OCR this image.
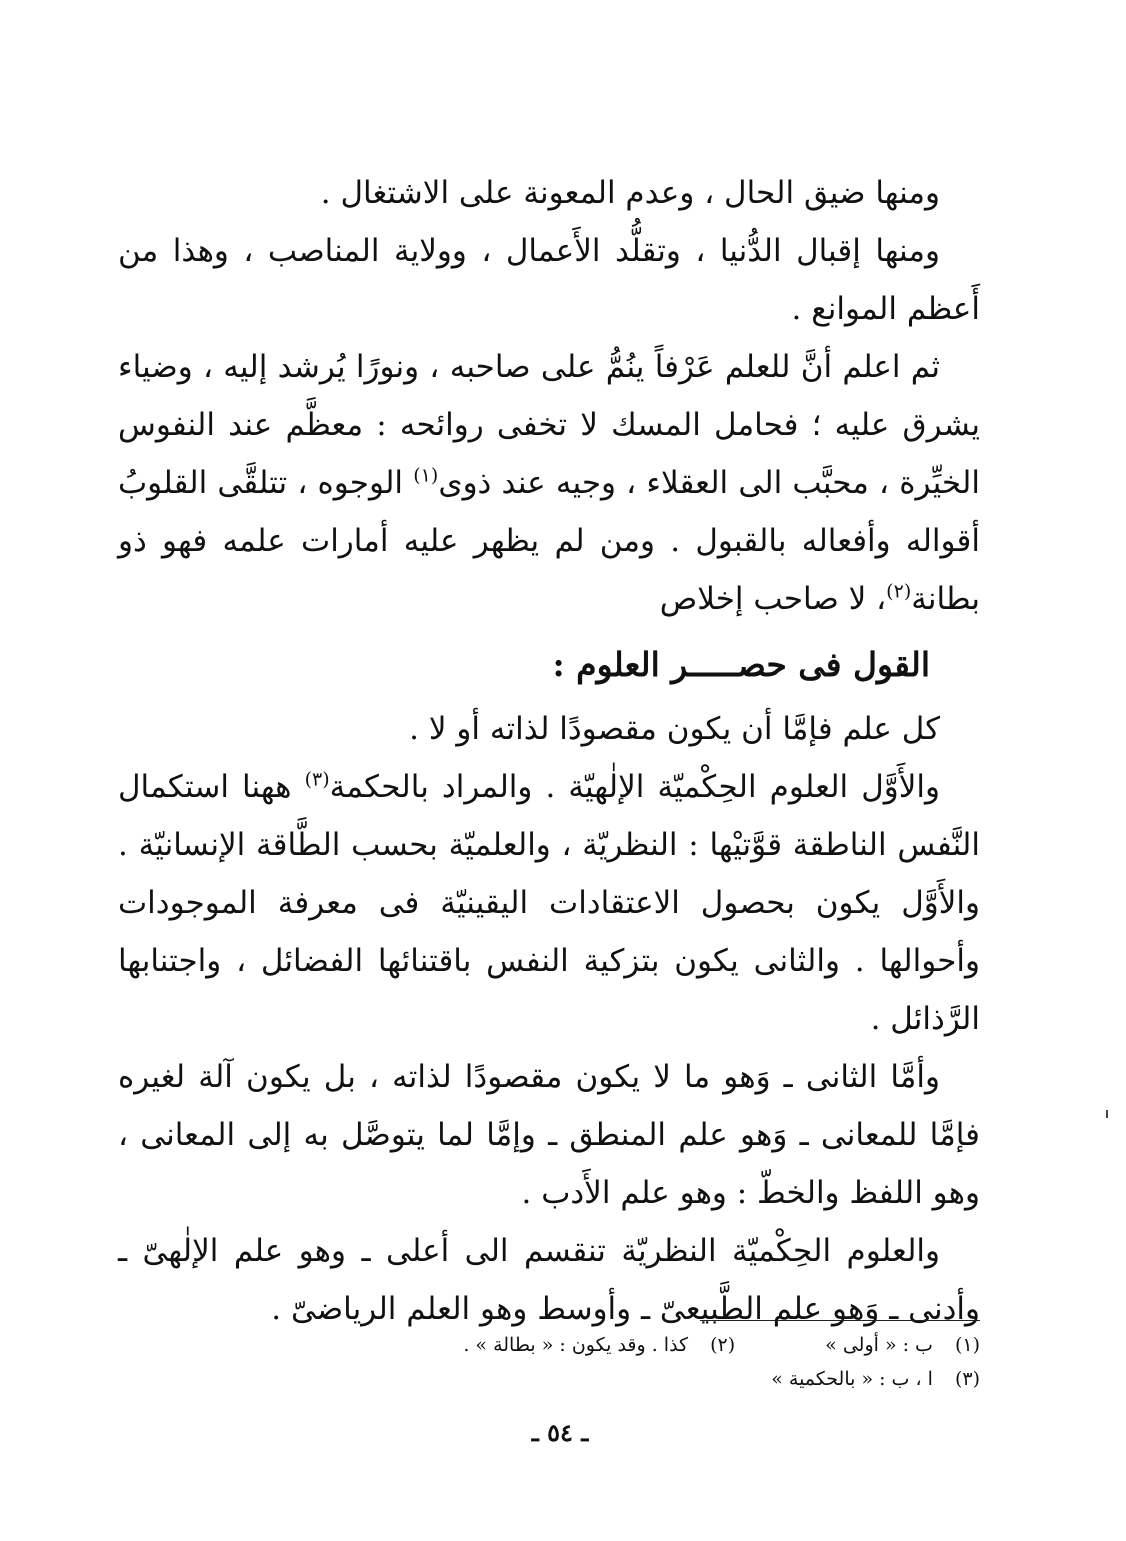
ومنها ضيق الحال ، وعدم المعونة على الاشتغال .

ومنها إقبال الدُّنيا ، وتقلُّد الأَعمال ، وولاية المناصب ، وهذا من أَعظم الموانع .

ثم اعلم أنَّ للعلم عَرْفاً ينُمُّ على صاحبه ، ونورًا يُرشد إليه ، وضياء يشرق عليه ؛ فحامل المسك لا تخفى روائحه : معظَّم عند النفوس الخيِّرة ، محبَّب الى العقلاء ، وجيه عند ذوى$^{(١)}$ الوجوه ، تتلقَّى القلوبُ أقواله وأفعاله بالقبول . ومن لم يظهر عليه أمارات علمه فهو ذو بطانة$^{(٢)}$، لا صاحب إخلاص

القول فى حصـــــر العلوم :

كل علم فإمَّا أن يكون مقصودًا لذاته أو لا .

والأَوَّل العلوم الحِكْميّة الإلٰهيّة . والمراد بالحكمة$^{(٣)}$ ههنا استكمال النَّفس الناطقة قوَّتيْها : النظريّة ، والعلميّة بحسب الطَّاقة الإنسانيّة . والأَوَّل يكون بحصول الاعتقادات اليقينيّة فى معرفة الموجودات وأحوالها . والثانى يكون بتزكية النفس باقتنائها الفضائل ، واجتنابها الرَّذائل .

وأمَّا الثانى ـ وَهو ما لا يكون مقصودًا لذاته ، بل يكون آلة لغيره فإمَّا للمعانى ـ وَهو علم المنطق ـ وإمَّا لما يتوصَّل به إلى المعانى ، وهو اللفظ والخطّ : وهو علم الأَدب .

والعلوم الحِكْميّة النظريّة تنقسم الى أعلى ـ وهو علم الإلٰهىّ ـ وأدنى ـ وَهو علم الطَّبيعىّ ـ وأوسط وهو العلم الرياضىّ .

(١)ب : « أولى »
(٢)كذا . وقد يكون : « بطالة » .
(٣)ا ، ب : « بالحكمية »
ـ ٥٤ ـ
